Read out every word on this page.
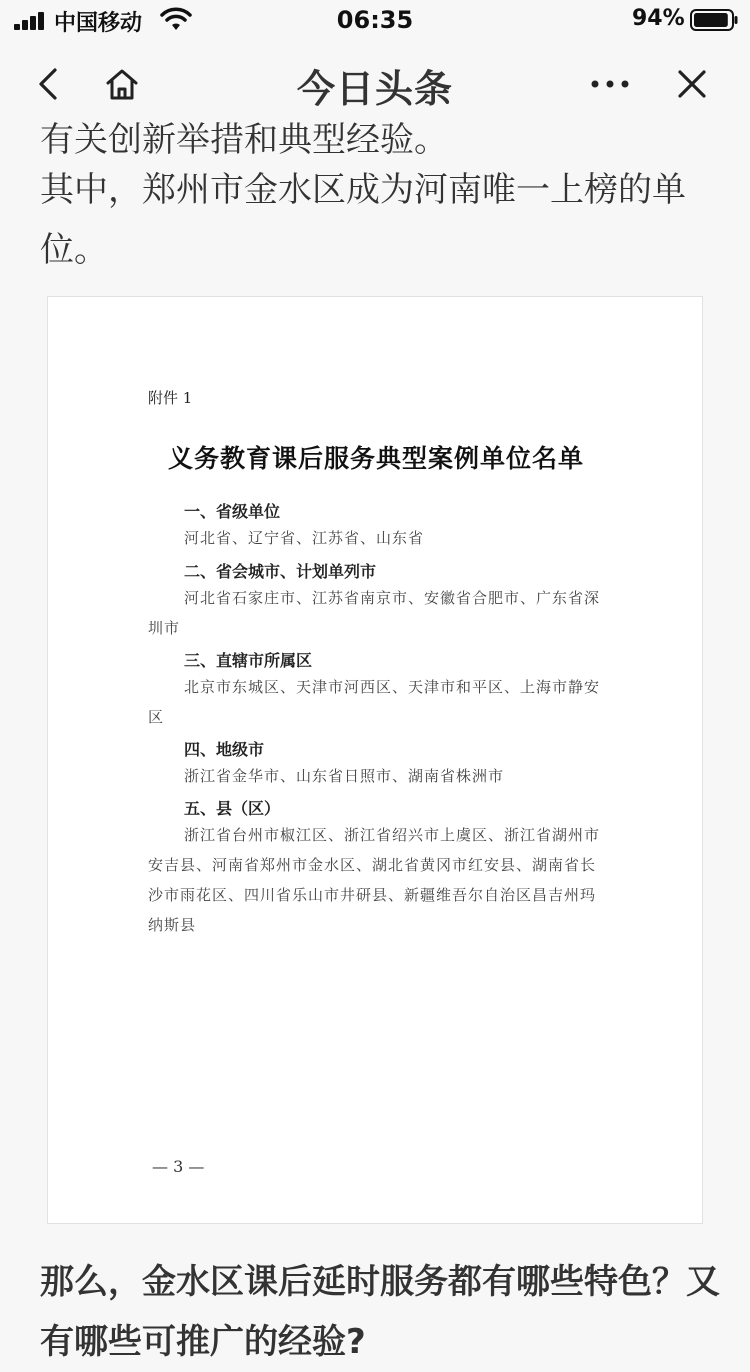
中国移动	06:35	94%
今日头条
有关创新举措和典型经验。

其中，郑州市金水区成为河南唯一上榜的单位。

附件 1
义务教育课后服务典型案例单位名单
一、省级单位
河北省、辽宁省、江苏省、山东省
二、省会城市、计划单列市
河北省石家庄市、江苏省南京市、安徽省合肥市、广东省深圳市
三、直辖市所属区
北京市东城区、天津市河西区、天津市和平区、上海市静安区
四、地级市
浙江省金华市、山东省日照市、湖南省株洲市
五、县（区）
浙江省台州市椒江区、浙江省绍兴市上虞区、浙江省湖州市安吉县、河南省郑州市金水区、湖北省黄冈市红安县、湖南省长沙市雨花区、四川省乐山市井研县、新疆维吾尔自治区昌吉州玛纳斯县
— 3 —

那么，金水区课后延时服务都有哪些特色？又有哪些可推广的经验?
